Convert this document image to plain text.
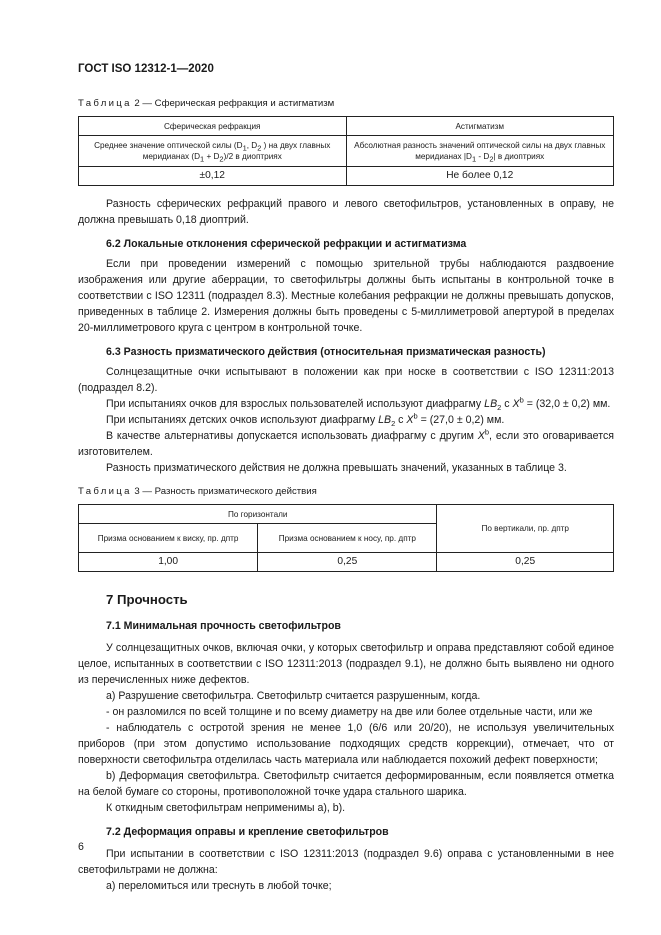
ГОСТ ISO 12312-1—2020
Таблица 2 — Сферическая рефракция и астигматизм
Сферическая рефракция	Астигматизм
Среднее значение оптической силы ($D_1$, $D_2$ ) на двух главных меридианах $(D_1 + D_2)/2$ в диоптриях	Абсолютная разность значений оптической силы на двух главных меридианах $|D_1 - D_2|$ в диоптриях
±0,12	Не более 0,12

Разность сферических рефракций правого и левого светофильтров, установленных в оправу, не должна превышать 0,18 диоптрий.

6.2 Локальные отклонения сферической рефракции и астигматизма

Если при проведении измерений с помощью зрительной трубы наблюдаются раздвоение изображения или другие аберрации, то светофильтры должны быть испытаны в контрольной точке в соответствии с ISO 12311 (подраздел 8.3). Местные колебания рефракции не должны превышать допусков, приведенных в таблице 2. Измерения должны быть проведены с 5-миллиметровой апертурой в пределах 20-миллиметрового круга с центром в контрольной точке.

6.3 Разность призматического действия (относительная призматическая разность)

Солнцезащитные очки испытывают в положении как при носке в соответствии с ISO 12311:2013 (подраздел 8.2).

При испытаниях очков для взрослых пользователей используют диафрагму $LB_2$ с $X^b = (32,0 \pm 0,2)$ мм.

При испытаниях детских очков используют диафрагму $LB_2$ с $X^b = (27,0 \pm 0,2)$ мм.

В качестве альтернативы допускается использовать диафрагму с другим $X^b$, если это оговаривается изготовителем.

Разность призматического действия не должна превышать значений, указанных в таблице 3.

Таблица 3 — Разность призматического действия
По горизонтали		По вертикали, пр. дптр
Призма основанием к виску, пр. дптр	Призма основанием к носу, пр. дптр	
1,00	0,25	0,25
7 Прочность
7.1 Минимальная прочность светофильтров

У солнцезащитных очков, включая очки, у которых светофильтр и оправа представляют собой единое целое, испытанных в соответствии с ISO 12311:2013 (подраздел 9.1), не должно быть выявлено ни одного из перечисленных ниже дефектов.

а) Разрушение светофильтра. Светофильтр считается разрушенным, когда.

- он разломился по всей толщине и по всему диаметру на две или более отдельные части, или же

- наблюдатель с остротой зрения не менее 1,0 (6/6 или 20/20), не используя увеличительных приборов (при этом допустимо использование подходящих средств коррекции), отмечает, что от поверхности светофильтра отделилась часть материала или наблюдается похожий дефект поверхности;

b) Деформация светофильтра. Светофильтр считается деформированным, если появляется отметка на белой бумаге со стороны, противоположной точке удара стального шарика.

К откидным светофильтрам неприменимы а), b).

7.2 Деформация оправы и крепление светофильтров

При испытании в соответствии с ISO 12311:2013 (подраздел 9.6) оправа с установленными в нее светофильтрами не должна:

а) переломиться или треснуть в любой точке;

6
